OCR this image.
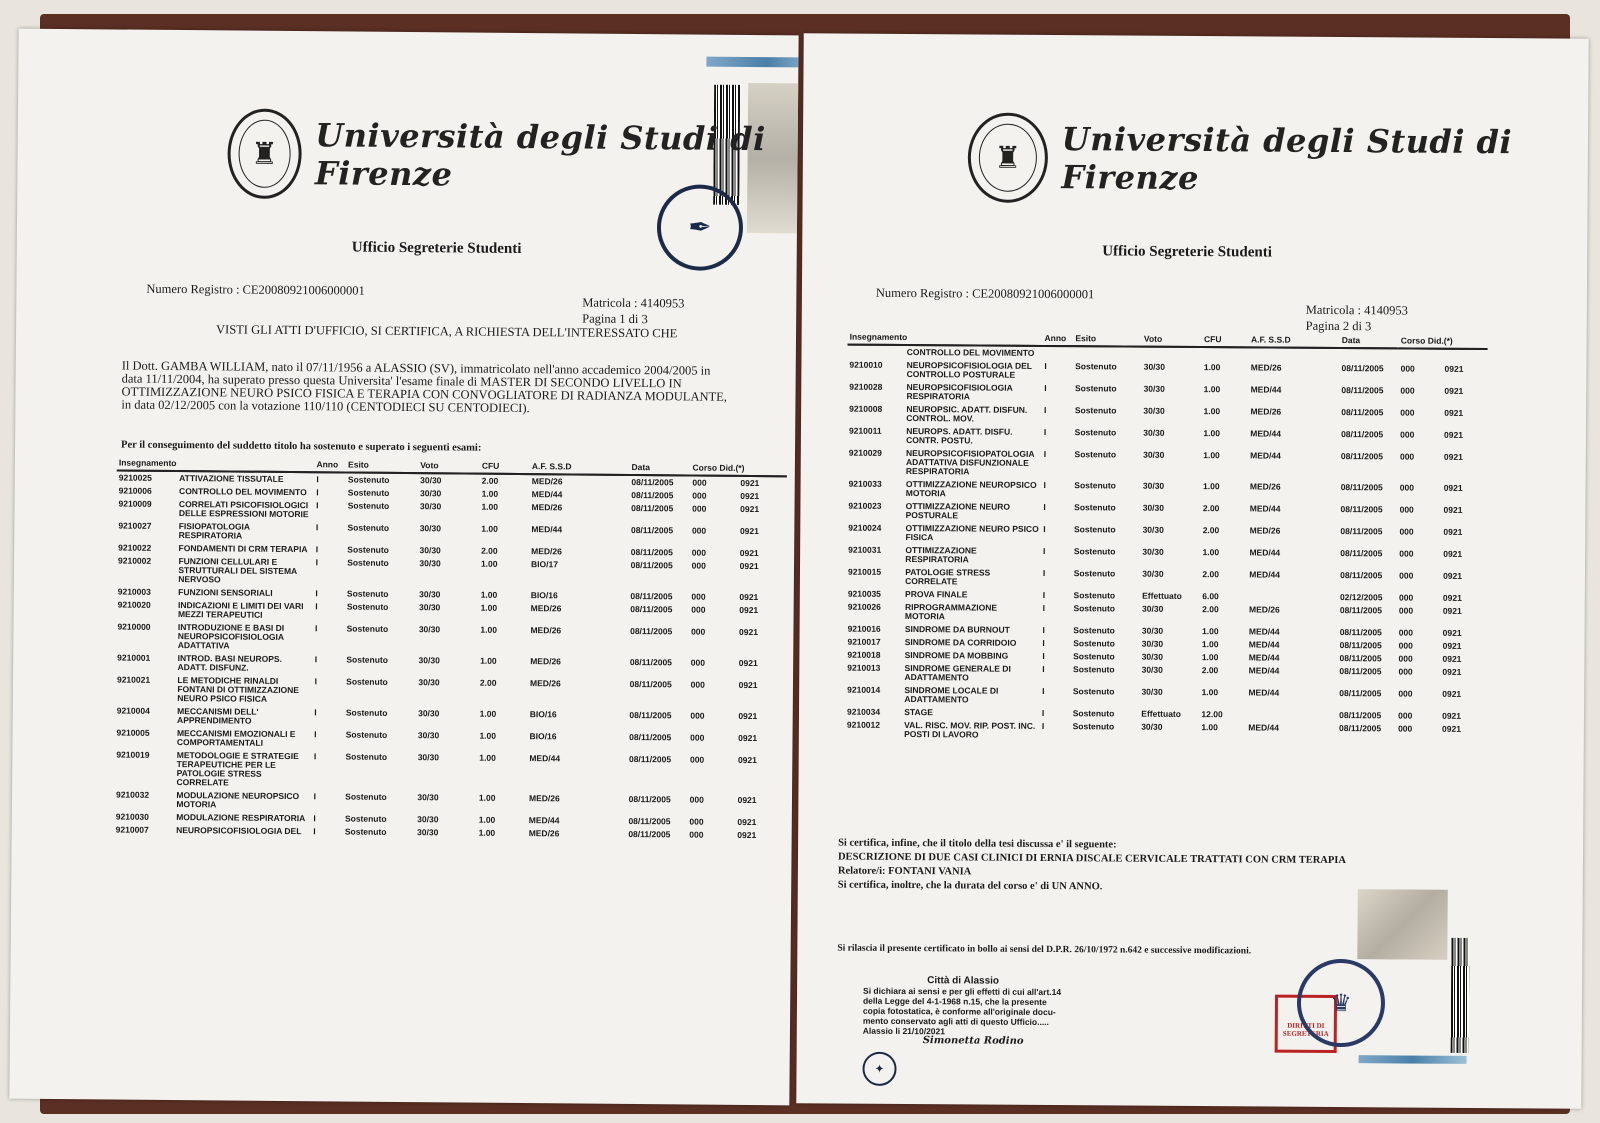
♜ Università degli Studi di Firenze
✒
Ufficio Segreterie Studenti
Numero Registro : CE20080921006000001
Matricola : 4140953
Pagina 1 di 3
VISTI GLI ATTI D'UFFICIO, SI CERTIFICA, A RICHIESTA DELL'INTERESSATO CHE
Il Dott. GAMBA WILLIAM, nato il 07/11/1956 a ALASSIO (SV), immatricolato nell'anno accademico 2004/2005 in data 11/11/2004, ha superato presso questa Universita' l'esame finale di MASTER DI SECONDO LIVELLO IN OTTIMIZZAZIONE NEURO PSICO FISICA E TERAPIA CON CONVOGLIATORE DI RADIANZA MODULANTE, in data 02/12/2005 con la votazione 110/110 (CENTODIECI SU CENTODIECI).
Per il conseguimento del suddetto titolo ha sostenuto e superato i seguenti esami:
Insegnamento		Anno	Esito	Voto	CFU	A.F. S.S.D	Data	Corso Did.(*)	
9210025	ATTIVAZIONE TISSUTALE	I	Sostenuto	30/30	2.00	MED/26	08/11/2005	000	0921
9210006	CONTROLLO DEL MOVIMENTO	I	Sostenuto	30/30	1.00	MED/44	08/11/2005	000	0921
9210009	CORRELATI PSICOFISIOLOGICI DELLE ESPRESSIONI MOTORIE	I	Sostenuto	30/30	1.00	MED/26	08/11/2005	000	0921
9210027	FISIOPATOLOGIA RESPIRATORIA	I	Sostenuto	30/30	1.00	MED/44	08/11/2005	000	0921
9210022	FONDAMENTI DI CRM TERAPIA	I	Sostenuto	30/30	2.00	MED/26	08/11/2005	000	0921
9210002	FUNZIONI CELLULARI E STRUTTURALI DEL SISTEMA NERVOSO	I	Sostenuto	30/30	1.00	BIO/17	08/11/2005	000	0921
9210003	FUNZIONI SENSORIALI	I	Sostenuto	30/30	1.00	BIO/16	08/11/2005	000	0921
9210020	INDICAZIONI E LIMITI DEI VARI MEZZI TERAPEUTICI	I	Sostenuto	30/30	1.00	MED/26	08/11/2005	000	0921
9210000	INTRODUZIONE E BASI DI NEUROPSICOFISIOLOGIA ADATTATIVA	I	Sostenuto	30/30	1.00	MED/26	08/11/2005	000	0921
9210001	INTROD. BASI NEUROPS. ADATT. DISFUNZ.	I	Sostenuto	30/30	1.00	MED/26	08/11/2005	000	0921
9210021	LE METODICHE RINALDI FONTANI DI OTTIMIZZAZIONE NEURO PSICO FISICA	I	Sostenuto	30/30	2.00	MED/26	08/11/2005	000	0921
9210004	MECCANISMI DELL' APPRENDIMENTO	I	Sostenuto	30/30	1.00	BIO/16	08/11/2005	000	0921
9210005	MECCANISMI EMOZIONALI E COMPORTAMENTALI	I	Sostenuto	30/30	1.00	BIO/16	08/11/2005	000	0921
9210019	METODOLOGIE E STRATEGIE TERAPEUTICHE PER LE PATOLOGIE STRESS CORRELATE	I	Sostenuto	30/30	1.00	MED/44	08/11/2005	000	0921
9210032	MODULAZIONE NEUROPSICO MOTORIA	I	Sostenuto	30/30	1.00	MED/26	08/11/2005	000	0921
9210030	MODULAZIONE RESPIRATORIA	I	Sostenuto	30/30	1.00	MED/44	08/11/2005	000	0921
9210007	NEUROPSICOFISIOLOGIA DEL	I	Sostenuto	30/30	1.00	MED/26	08/11/2005	000	0921
♜ Università degli Studi di Firenze
Ufficio Segreterie Studenti
Numero Registro : CE20080921006000001
Matricola : 4140953
Pagina 2 di 3
Insegnamento		Anno	Esito	Voto	CFU	A.F. S.S.D	Data	Corso Did.(*)	
	CONTROLLO DEL MOVIMENTO								
9210010	NEUROPSICOFISIOLOGIA DEL CONTROLLO POSTURALE	I	Sostenuto	30/30	1.00	MED/26	08/11/2005	000	0921
9210028	NEUROPSICOFISIOLOGIA RESPIRATORIA	I	Sostenuto	30/30	1.00	MED/44	08/11/2005	000	0921
9210008	NEUROPSIC. ADATT. DISFUN. CONTROL. MOV.	I	Sostenuto	30/30	1.00	MED/26	08/11/2005	000	0921
9210011	NEUROPS. ADATT. DISFU. CONTR. POSTU.	I	Sostenuto	30/30	1.00	MED/44	08/11/2005	000	0921
9210029	NEUROPSICOFISIOPATOLOGIA ADATTATIVA DISFUNZIONALE RESPIRATORIA	I	Sostenuto	30/30	1.00	MED/44	08/11/2005	000	0921
9210033	OTTIMIZZAZIONE NEUROPSICO MOTORIA	I	Sostenuto	30/30	1.00	MED/26	08/11/2005	000	0921
9210023	OTTIMIZZAZIONE NEURO POSTURALE	I	Sostenuto	30/30	2.00	MED/44	08/11/2005	000	0921
9210024	OTTIMIZZAZIONE NEURO PSICO FISICA	I	Sostenuto	30/30	2.00	MED/26	08/11/2005	000	0921
9210031	OTTIMIZZAZIONE RESPIRATORIA	I	Sostenuto	30/30	1.00	MED/44	08/11/2005	000	0921
9210015	PATOLOGIE STRESS CORRELATE	I	Sostenuto	30/30	2.00	MED/44	08/11/2005	000	0921
9210035	PROVA FINALE	I	Sostenuto	Effettuato	6.00		02/12/2005	000	0921
9210026	RIPROGRAMMAZIONE MOTORIA	I	Sostenuto	30/30	2.00	MED/26	08/11/2005	000	0921
9210016	SINDROME DA BURNOUT	I	Sostenuto	30/30	1.00	MED/44	08/11/2005	000	0921
9210017	SINDROME DA CORRIDOIO	I	Sostenuto	30/30	1.00	MED/44	08/11/2005	000	0921
9210018	SINDROME DA MOBBING	I	Sostenuto	30/30	1.00	MED/44	08/11/2005	000	0921
9210013	SINDROME GENERALE DI ADATTAMENTO	I	Sostenuto	30/30	2.00	MED/44	08/11/2005	000	0921
9210014	SINDROME LOCALE DI ADATTAMENTO	I	Sostenuto	30/30	1.00	MED/44	08/11/2005	000	0921
9210034	STAGE	I	Sostenuto	Effettuato	12.00		08/11/2005	000	0921
9210012	VAL. RISC. MOV. RIP. POST. INC. POSTI DI LAVORO	I	Sostenuto	30/30	1.00	MED/44	08/11/2005	000	0921
Si certifica, infine, che il titolo della tesi discussa e' il seguente:
DESCRIZIONE DI DUE CASI CLINICI DI ERNIA DISCALE CERVICALE TRATTATI CON CRM TERAPIA
Relatore/i: FONTANI VANIA
Si certifica, inoltre, che la durata del corso e' di UN ANNO.
Si rilascia il presente certificato in bollo ai sensi del D.P.R. 26/10/1972 n.642 e successive modificazioni.
Città di Alassio
Si dichiara ai sensi e per gli effetti di cui all'art.14 della Legge del 4-1-1968 n.15, che la presente copia fotostatica, è conforme all'originale docu- mento conservato agli atti di questo Ufficio.....
Alassio li 21/10/2021
Simonetta Rodino
✦
DIRITTI DI SEGRETERIA
♛
